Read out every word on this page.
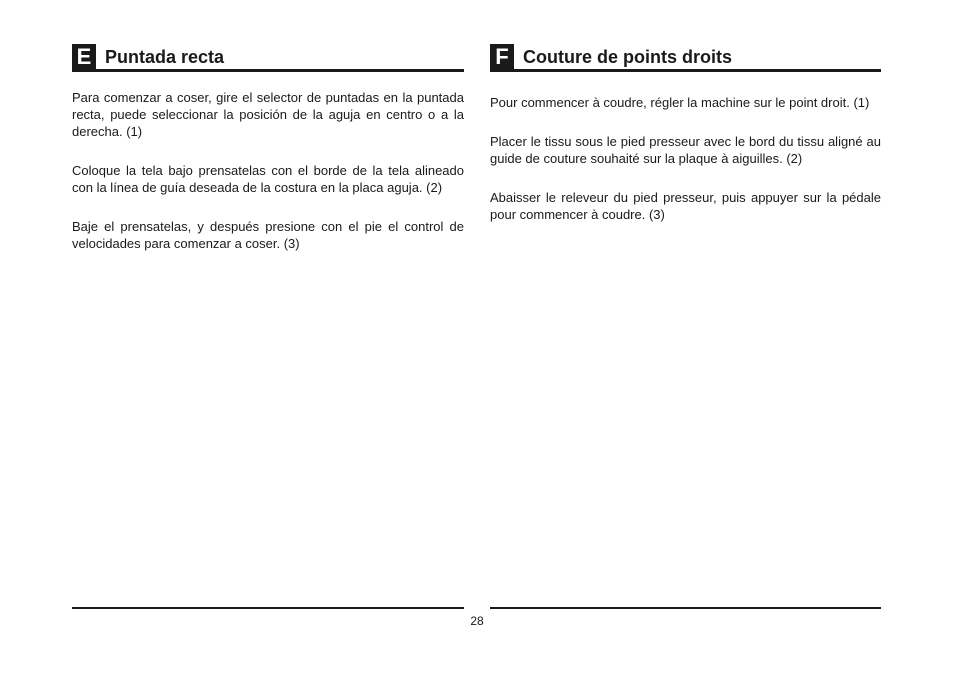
E Puntada recta

Para comenzar a coser, gire el selector de puntadas en la puntada recta, puede seleccionar la posición de la aguja en centro o a la derecha. (1)

Coloque la tela bajo prensatelas con el borde de la tela alineado con la línea de guía deseada de la costura en la placa aguja. (2)

Baje el prensatelas, y después presione con el pie el control de velocidades para comenzar a coser. (3)

F Couture de points droits

Pour commencer à coudre, régler la machine sur le point droit. (1)

Placer le tissu sous le pied presseur avec le bord du tissu aligné au guide de couture souhaité sur la plaque à aiguilles. (2)

Abaisser le releveur du pied presseur, puis appuyer sur la pédale pour commencer à coudre. (3)

28
